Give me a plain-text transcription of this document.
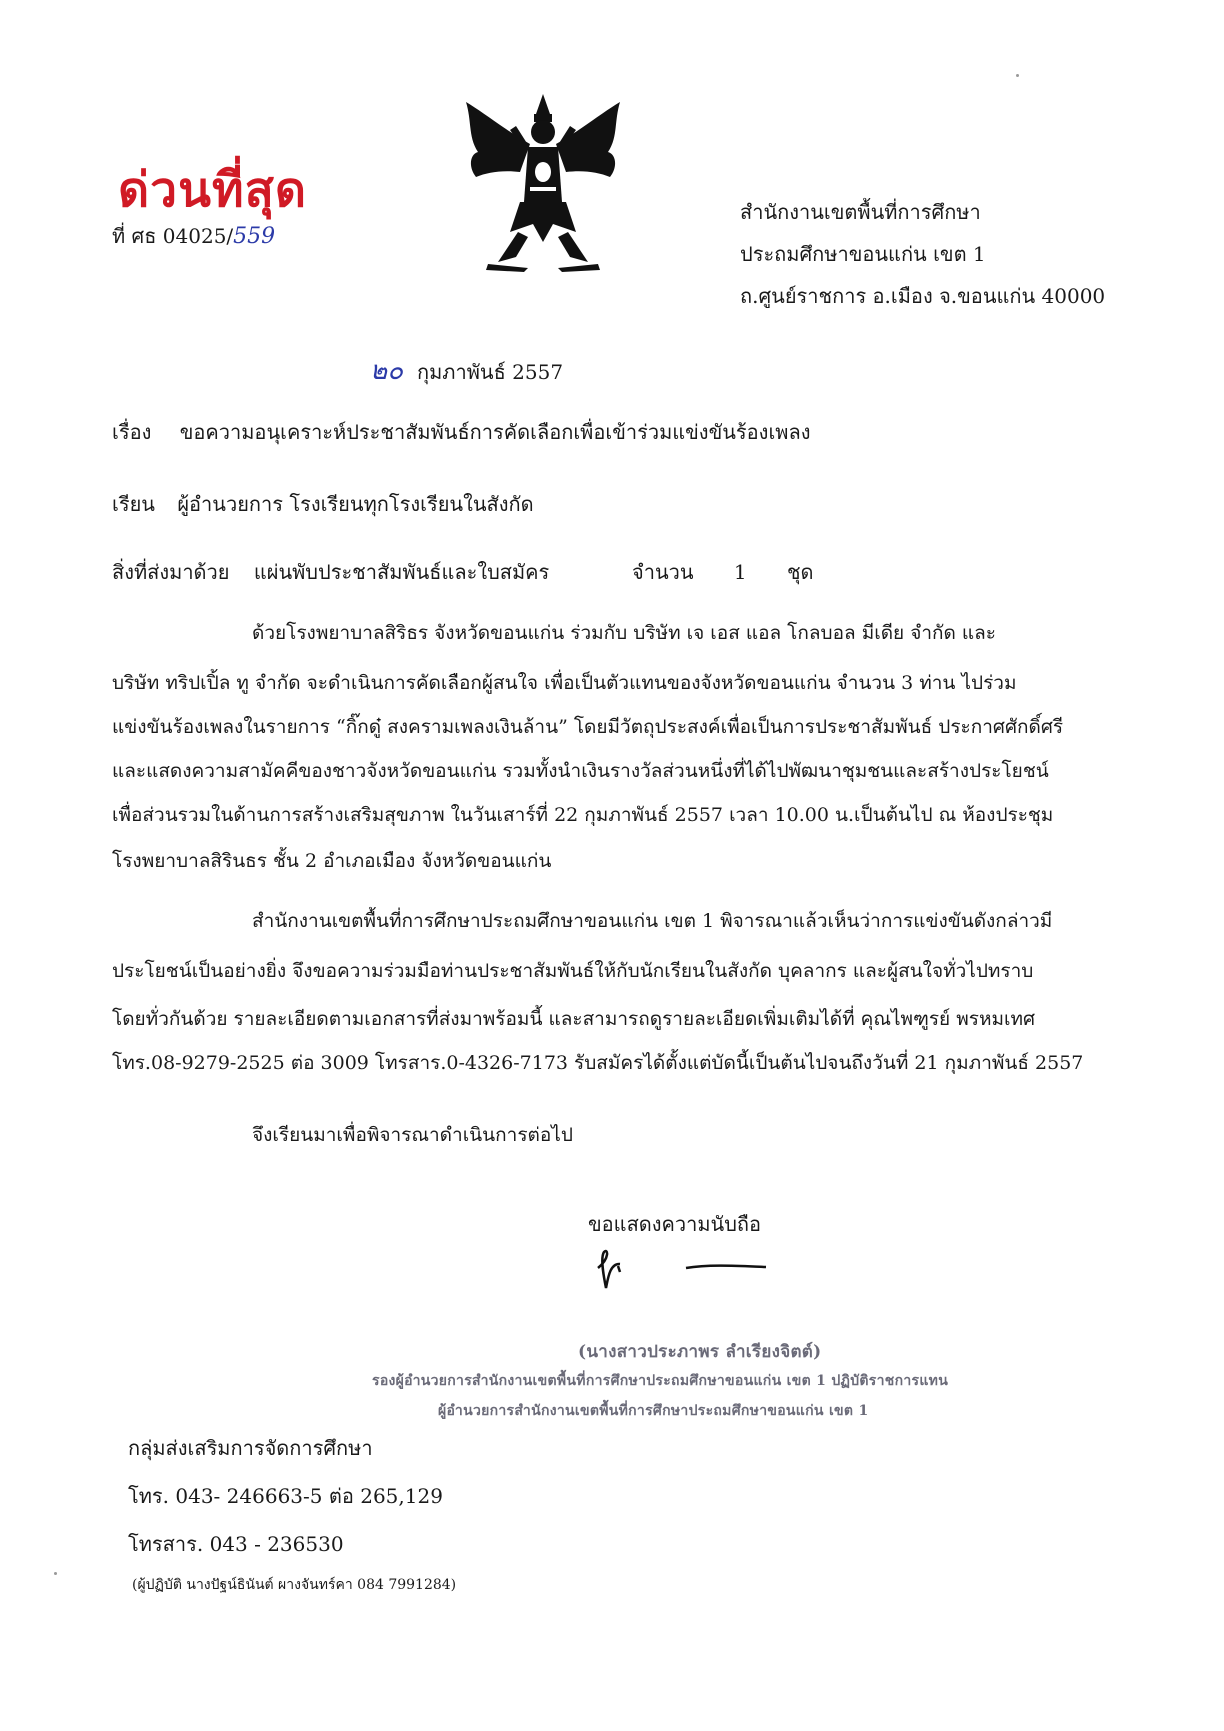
ด่วนที่สุด
ที่ ศธ 04025/559
สำนักงานเขตพื้นที่การศึกษา
ประถมศึกษาขอนแก่น เขต 1
ถ.ศูนย์ราชการ อ.เมือง จ.ขอนแก่น 40000
๒๐ กุมภาพันธ์ 2557
เรื่อง ขอความอนุเคราะห์ประชาสัมพันธ์การคัดเลือกเพื่อเข้าร่วมแข่งขันร้องเพลง
เรียน ผู้อำนวยการ โรงเรียนทุกโรงเรียนในสังกัด
สิ่งที่ส่งมาด้วย แผ่นพับประชาสัมพันธ์และใบสมัคร	จำนวน 1 ชุด
ด้วยโรงพยาบาลสิริธร จังหวัดขอนแก่น ร่วมกับ บริษัท เจ เอส แอล โกลบอล มีเดีย จำกัด และ
บริษัท ทริปเปิ้ล ทู จำกัด จะดำเนินการคัดเลือกผู้สนใจ เพื่อเป็นตัวแทนของจังหวัดขอนแก่น จำนวน 3 ท่าน ไปร่วม
แข่งขันร้องเพลงในรายการ “กิ๊กดู๋ สงครามเพลงเงินล้าน” โดยมีวัตถุประสงค์เพื่อเป็นการประชาสัมพันธ์ ประกาศศักดิ์ศรี
และแสดงความสามัคคีของชาวจังหวัดขอนแก่น รวมทั้งนำเงินรางวัลส่วนหนึ่งที่ได้ไปพัฒนาชุมชนและสร้างประโยชน์
เพื่อส่วนรวมในด้านการสร้างเสริมสุขภาพ ในวันเสาร์ที่ 22 กุมภาพันธ์ 2557 เวลา 10.00 น.เป็นต้นไป ณ ห้องประชุม
โรงพยาบาลสิรินธร ชั้น 2 อำเภอเมือง จังหวัดขอนแก่น
สำนักงานเขตพื้นที่การศึกษาประถมศึกษาขอนแก่น เขต 1 พิจารณาแล้วเห็นว่าการแข่งขันดังกล่าวมี
ประโยชน์เป็นอย่างยิ่ง จึงขอความร่วมมือท่านประชาสัมพันธ์ให้กับนักเรียนในสังกัด บุคลากร และผู้สนใจทั่วไปทราบ
โดยทั่วกันด้วย รายละเอียดตามเอกสารที่ส่งมาพร้อมนี้ และสามารถดูรายละเอียดเพิ่มเติมได้ที่ คุณไพฑูรย์ พรหมเทศ
โทร.08-9279-2525 ต่อ 3009 โทรสาร.0-4326-7173 รับสมัครได้ตั้งแต่บัดนี้เป็นต้นไปจนถึงวันที่ 21 กุมภาพันธ์ 2557
จึงเรียนมาเพื่อพิจารณาดำเนินการต่อไป
ขอแสดงความนับถือ
(นางสาวประภาพร ลำเรียงจิตต์)
รองผู้อำนวยการสำนักงานเขตพื้นที่การศึกษาประถมศึกษาขอนแก่น เขต 1 ปฏิบัติราชการแทน
ผู้อำนวยการสำนักงานเขตพื้นที่การศึกษาประถมศึกษาขอนแก่น เขต 1
กลุ่มส่งเสริมการจัดการศึกษา
โทร. 043- 246663-5 ต่อ 265,129
โทรสาร. 043 - 236530
(ผู้ปฏิบัติ นางปัฐน์ธินันต์ ผางจันทร์คา 084 7991284)
